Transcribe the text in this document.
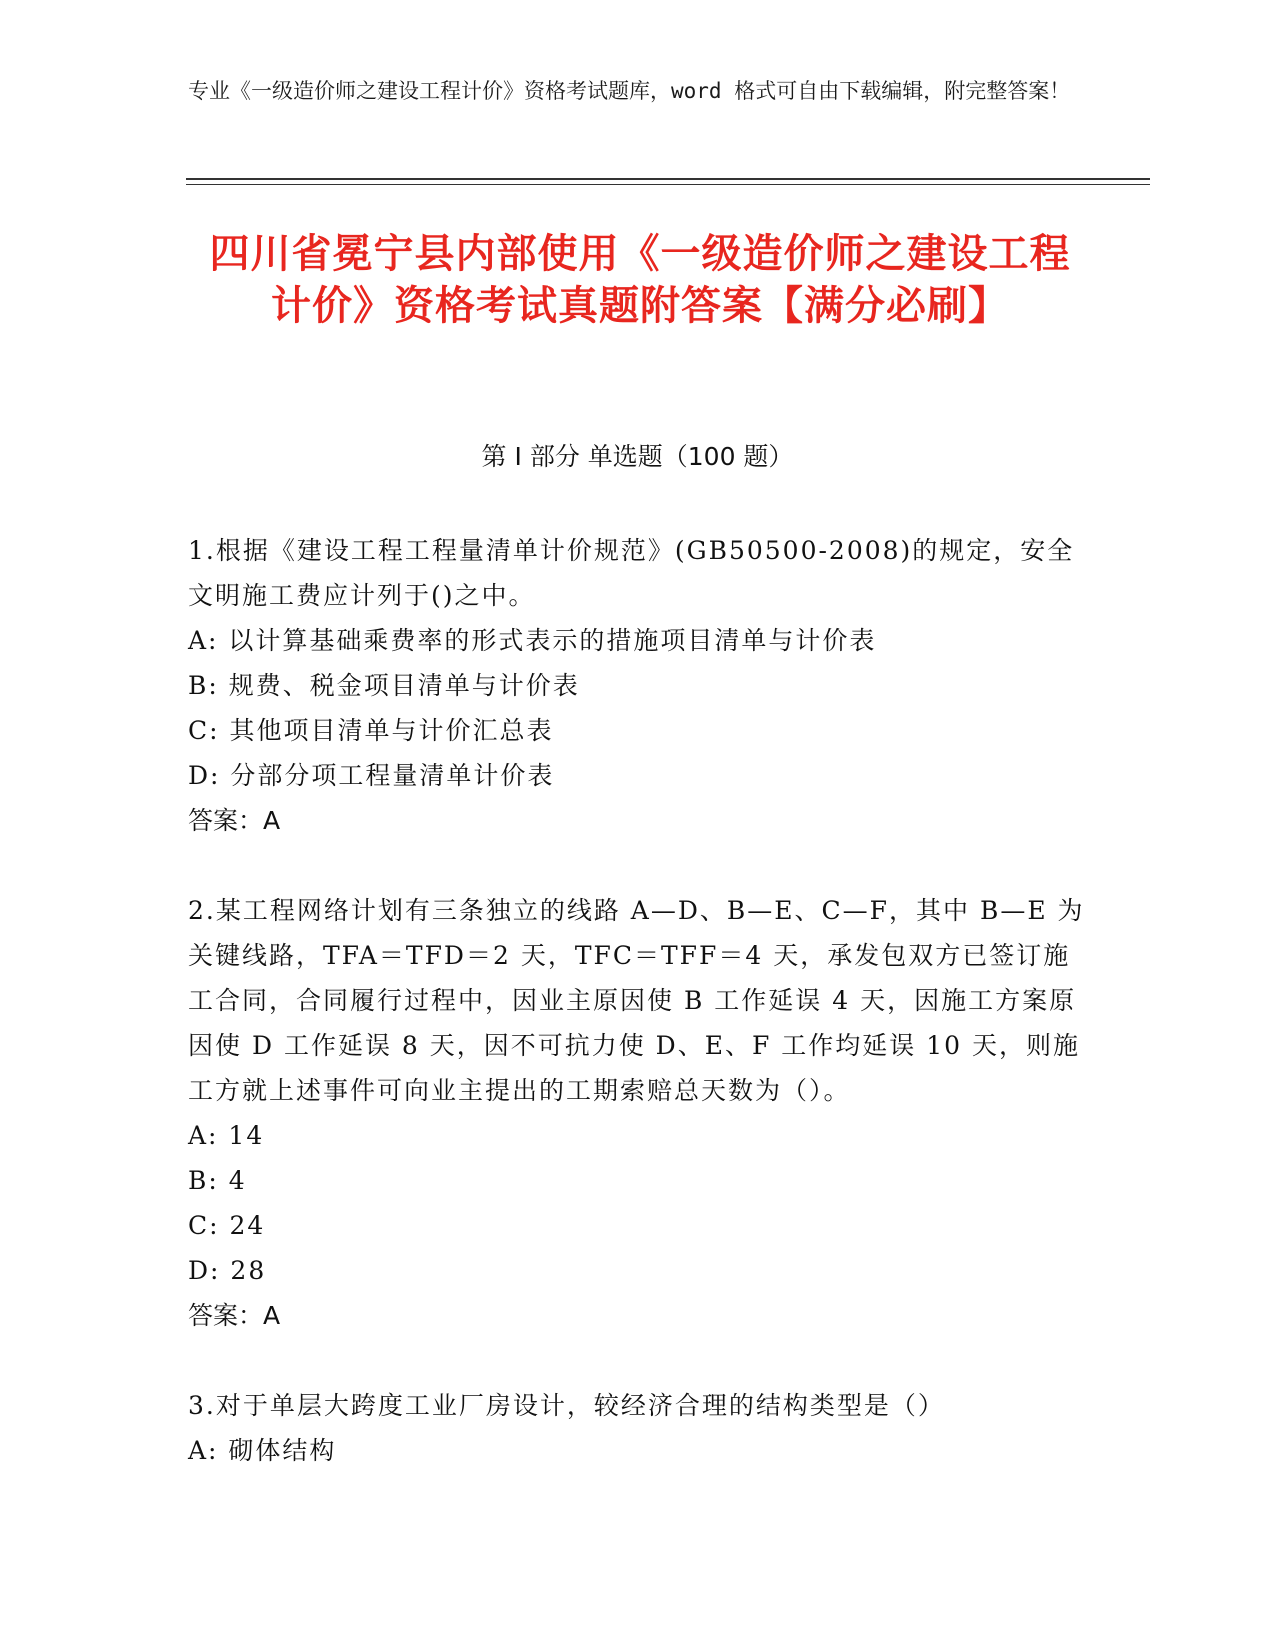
专业《一级造价师之建设工程计价》资格考试题库，word 格式可自由下载编辑，附完整答案！
四川省冕宁县内部使用《一级造价师之建设工程计价》资格考试真题附答案【满分必刷】
第 I 部分 单选题（100 题）

1.根据《建设工程工程量清单计价规范》(GB50500-2008)的规定，安全文明施工费应计列于()之中。

A: 以计算基础乘费率的形式表示的措施项目清单与计价表

B: 规费、税金项目清单与计价表

C: 其他项目清单与计价汇总表

D: 分部分项工程量清单计价表

答案：A

2.某工程网络计划有三条独立的线路 A—D、B—E、C—F，其中 B—E 为关键线路，TFA＝TFD＝2 天，TFC＝TFF＝4 天，承发包双方已签订施工合同，合同履行过程中，因业主原因使 B 工作延误 4 天，因施工方案原因使 D 工作延误 8 天，因不可抗力使 D、E、F 工作均延误 10 天，则施工方就上述事件可向业主提出的工期索赔总天数为（）。

A: 14

B: 4

C: 24

D: 28

答案：A

3.对于单层大跨度工业厂房设计，较经济合理的结构类型是（）

A: 砌体结构
